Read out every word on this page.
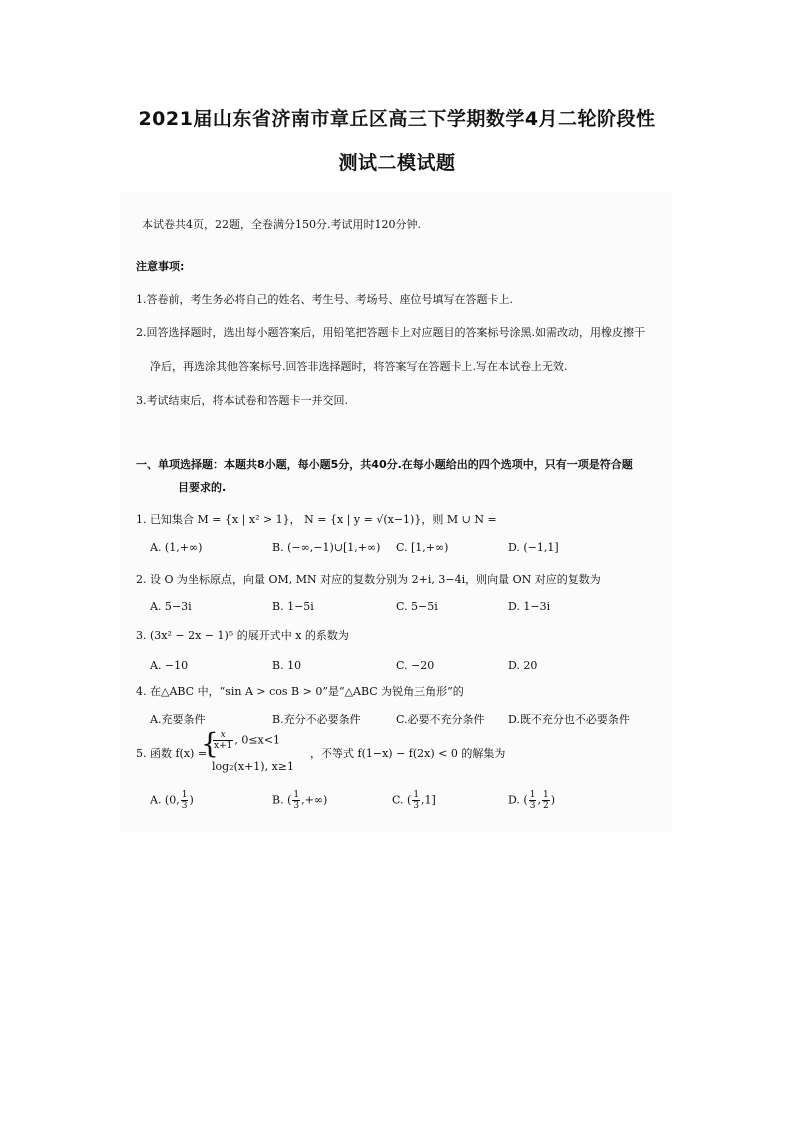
2021届山东省济南市章丘区高三下学期数学4月二轮阶段性
测试二模试题
本试卷共4页，22题，全卷满分150分.考试用时120分钟.
注意事项:
1.答卷前，考生务必将自己的姓名、考生号、考场号、座位号填写在答题卡上.
2.回答选择题时，选出每小题答案后，用铅笔把答题卡上对应题目的答案标号涂黑.如需改动，用橡皮擦干
净后，再选涂其他答案标号.回答非选择题时，将答案写在答题卡上.写在本试卷上无效.
3.考试结束后，将本试卷和答题卡一并交回.
一、单项选择题：本题共8小题，每小题5分，共40分.在每小题给出的四个选项中，只有一项是符合题
目要求的.
1. 已知集合 M = {x | x² > 1}， N = {x | y = √(x−1)}，则 M ∪ N =
A. (1,+∞)	B. (−∞,−1)∪[1,+∞) C. [1,+∞)	D. (−1,1]
2. 设 O 为坐标原点，向量 OM, MN 对应的复数分别为 2+i, 3−4i，则向量 ON 对应的复数为
A. 5−3i	B. 1−5i	C. 5−5i	D. 1−3i
3. (3x² − 2x − 1)⁵ 的展开式中 x 的系数为
A. −10	B. 10	C. −20	D. 20
4. 在△ABC 中，“sin A > cos B > 0”是“△ABC 为锐角三角形”的
A.充要条件	B.充分不必要条件	C.必要不充分条件 D.既不充分也不必要条件
5. 函数 f(x) =
{
$\frac{x}{x+1}$ , 0≤x<1
log₂(x+1), x≥1
，不等式 f(1−x) − f(2x) < 0 的解集为
A. (0, $\frac{1}{3}$ )	B. ( $\frac{1}{3}$ ,+∞)	C. ( $\frac{1}{3} ,1$]	D. ( $\frac{1}{3}$ , $\frac{1}{2}$ )
